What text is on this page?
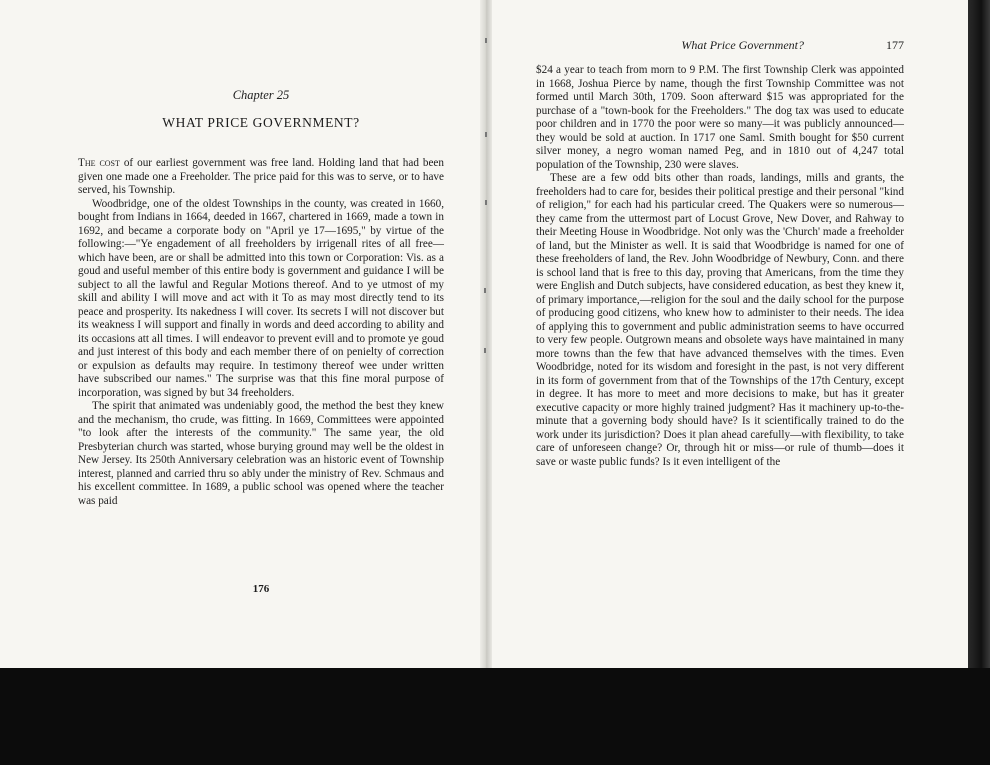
Chapter 25
WHAT PRICE GOVERNMENT?

The cost of our earliest government was free land. Holding land that had been given one made one a Freeholder. The price paid for this was to serve, or to have served, his Township.

Woodbridge, one of the oldest Townships in the county, was created in 1660, bought from Indians in 1664, deeded in 1667, chartered in 1669, made a town in 1692, and became a corporate body on "April ye 17—1695," by virtue of the following:—"Ye engadement of all freeholders by irrigenall rites of all free—which have been, are or shall be admitted into this town or Corporation: Vis. as a goud and useful member of this entire body is government and guidance I will be subject to all the lawful and Regular Motions thereof. And to ye utmost of my skill and ability I will move and act with it To as may most directly tend to its peace and prosperity. Its nakedness I will cover. Its secrets I will not discover but its weakness I will support and finally in words and deed according to ability and its occasions att all times. I will endeavor to prevent evill and to promote ye goud and just interest of this body and each member there of on penielty of correction or expulsion as defaults may require. In testimony thereof wee under written have subscribed our names." The surprise was that this fine moral purpose of incorporation, was signed by but 34 freeholders.

The spirit that animated was undeniably good, the method the best they knew and the mechanism, tho crude, was fitting. In 1669, Committees were appointed "to look after the interests of the community." The same year, the old Presbyterian church was started, whose burying ground may well be the oldest in New Jersey. Its 250th Anniversary celebration was an historic event of Township interest, planned and carried thru so ably under the ministry of Rev. Schmaus and his excellent committee. In 1689, a public school was opened where the teacher was paid

176
What Price Government?	177

$24 a year to teach from morn to 9 P.M. The first Township Clerk was appointed in 1668, Joshua Pierce by name, though the first Township Committee was not formed until March 30th, 1709. Soon afterward $15 was appropriated for the purchase of a "town-book for the Freeholders." The dog tax was used to educate poor children and in 1770 the poor were so many—it was publicly announced—they would be sold at auction. In 1717 one Saml. Smith bought for $50 current silver money, a negro woman named Peg, and in 1810 out of 4,247 total population of the Township, 230 were slaves.

These are a few odd bits other than roads, landings, mills and grants, the freeholders had to care for, besides their political prestige and their personal "kind of religion," for each had his particular creed. The Quakers were so numerous—they came from the uttermost part of Locust Grove, New Dover, and Rahway to their Meeting House in Woodbridge. Not only was the 'Church' made a freeholder of land, but the Minister as well. It is said that Woodbridge is named for one of these freeholders of land, the Rev. John Woodbridge of Newbury, Conn. and there is school land that is free to this day, proving that Americans, from the time they were English and Dutch subjects, have considered education, as best they knew it, of primary importance,—religion for the soul and the daily school for the purpose of producing good citizens, who knew how to administer to their needs. The idea of applying this to government and public administration seems to have occurred to very few people. Outgrown means and obsolete ways have maintained in many more towns than the few that have advanced themselves with the times. Even Woodbridge, noted for its wisdom and foresight in the past, is not very different in its form of government from that of the Townships of the 17th Century, except in degree. It has more to meet and more decisions to make, but has it greater executive capacity or more highly trained judgment? Has it machinery up-to-the-minute that a governing body should have? Is it scientifically trained to do the work under its jurisdiction? Does it plan ahead carefully—with flexibility, to take care of unforeseen change? Or, through hit or miss—or rule of thumb—does it save or waste public funds? Is it even intelligent of the
